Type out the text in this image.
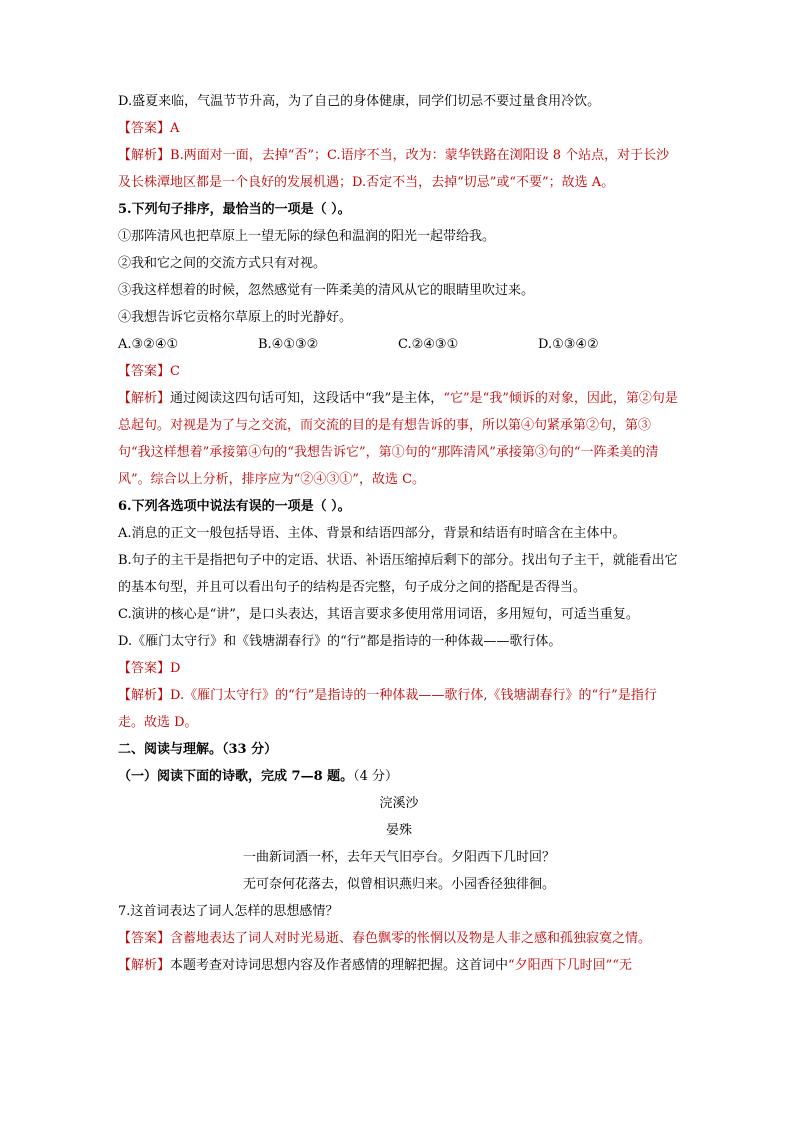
D.盛夏来临，气温节节升高，为了自己的身体健康，同学们切忌不要过量食用冷饮。
【答案】A
【解析】B.两面对一面，去掉“否”；C.语序不当，改为：蒙华铁路在浏阳设 8 个站点，对于长沙及长株潭地区都是一个良好的发展机遇；D.否定不当，去掉“切忌”或“不要”；故选 A。
5.下列句子排序，最恰当的一项是（ ）。
①那阵清风也把草原上一望无际的绿色和温润的阳光一起带给我。
②我和它之间的交流方式只有对视。
③我这样想着的时候，忽然感觉有一阵柔美的清风从它的眼睛里吹过来。
④我想告诉它贡格尔草原上的时光静好。
A.③②④①	B.④①③②	C.②④③①	D.①③④②
【答案】C
【解析】通过阅读这四句话可知，这段话中“我”是主体，“它”是“我”倾诉的对象，因此，第②句是总起句。对视是为了与之交流，而交流的目的是有想告诉的事，所以第④句紧承第②句，第③句“我这样想着”承接第④句的“我想告诉它”，第①句的“那阵清风”承接第③句的“一阵柔美的清风”。综合以上分析，排序应为“②④③①”，故选 C。
6.下列各选项中说法有误的一项是（ ）。
A.消息的正文一般包括导语、主体、背景和结语四部分，背景和结语有时暗含在主体中。
B.句子的主干是指把句子中的定语、状语、补语压缩掉后剩下的部分。找出句子主干，就能看出它的基本句型，并且可以看出句子的结构是否完整，句子成分之间的搭配是否得当。
C.演讲的核心是“讲”，是口头表达，其语言要求多使用常用词语，多用短句，可适当重复。
D.《雁门太守行》和《钱塘湖春行》的“行”都是指诗的一种体裁——歌行体。
【答案】D
【解析】D.《雁门太守行》的“行”是指诗的一种体裁——歌行体,《钱塘湖春行》的“行”是指行走。故选 D。
二、阅读与理解。（33 分）
（一）阅读下面的诗歌，完成 7—8 题。（4 分）
浣溪沙
晏殊
一曲新词酒一杯，去年天气旧亭台。夕阳西下几时回？
无可奈何花落去，似曾相识燕归来。小园香径独徘徊。
7.这首词表达了词人怎样的思想感情？
【答案】含蓄地表达了词人对时光易逝、春色飘零的怅惘以及物是人非之感和孤独寂寞之情。
【解析】本题考查对诗词思想内容及作者感情的理解把握。这首词中“夕阳西下几时回”“无
